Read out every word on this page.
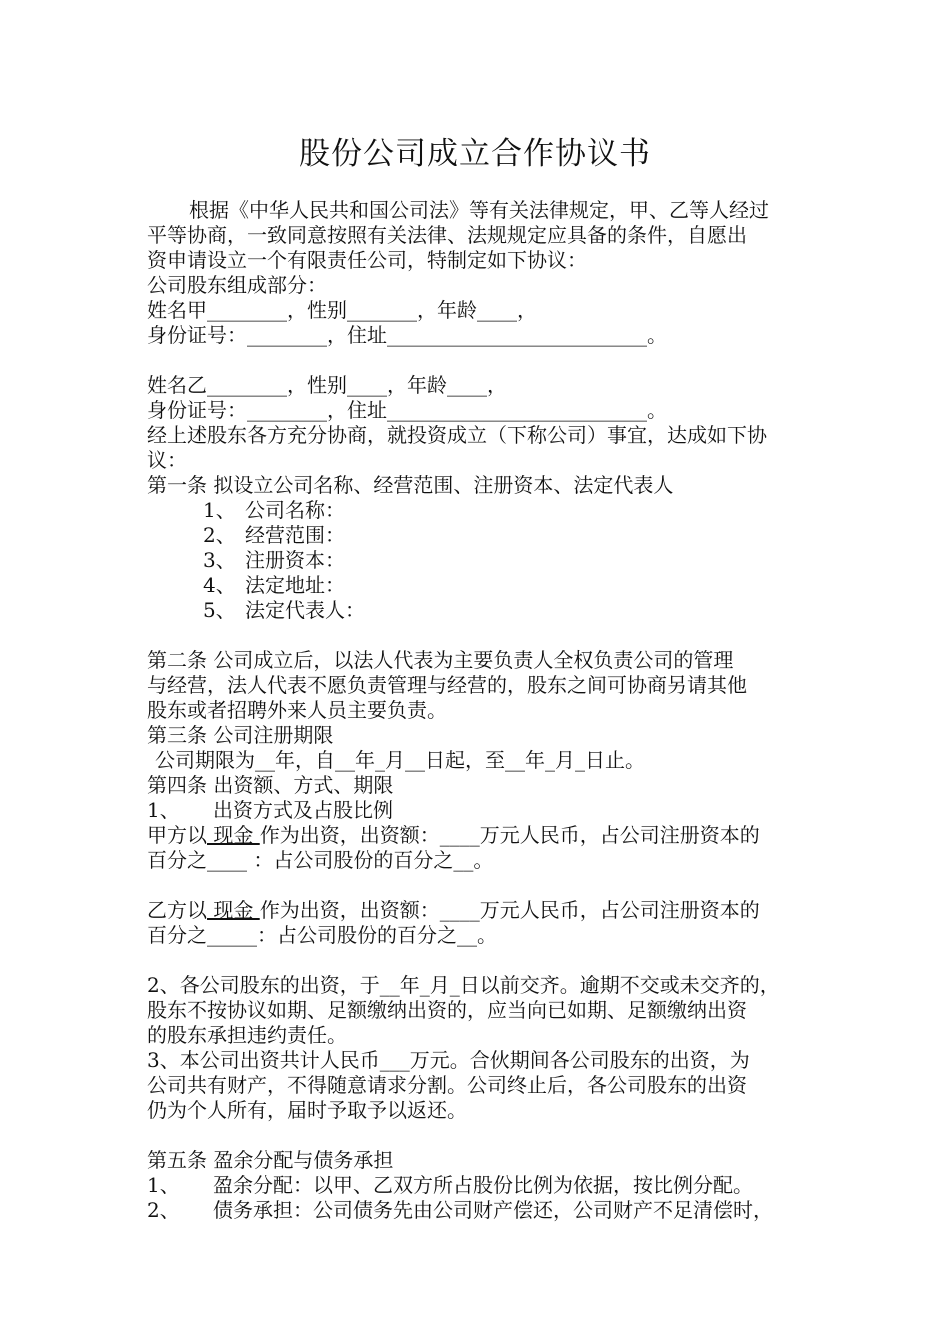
股份公司成立合作协议书

根据《中华人民共和国公司法》等有关法律规定，甲、乙等人经过

平等协商，一致同意按照有关法律、法规规定应具备的条件，自愿出

资申请设立一个有限责任公司，特制定如下协议：

公司股东组成部分：

姓名甲________，性别_______，年龄____，

身份证号：________，住址__________________________。

姓名乙________，性别____，年龄____，

身份证号：________，住址__________________________。

经上述股东各方充分协商，就投资成立（下称公司）事宜，达成如下协

议：

第一条 拟设立公司名称、经营范围、注册资本、法定代表人

1、 公司名称：

2、 经营范围：

3、 注册资本：

4、 法定地址：

5、 法定代表人：

第二条 公司成立后，以法人代表为主要负责人全权负责公司的管理

与经营，法人代表不愿负责管理与经营的，股东之间可协商另请其他

股东或者招聘外来人员主要负责。

第三条 公司注册期限

公司期限为__年，自__年_月__日起，至__年_月_日止。

第四条 出资额、方式、期限

1、 出资方式及占股比例

甲方以 现金 作为出资，出资额：____万元人民币，占公司注册资本的

百分之____ ：占公司股份的百分之__。

乙方以 现金 作为出资，出资额：____万元人民币，占公司注册资本的

百分之_____：占公司股份的百分之__。

2、各公司股东的出资，于__年_月_日以前交齐。逾期不交或未交齐的，

股东不按协议如期、足额缴纳出资的，应当向已如期、足额缴纳出资

的股东承担违约责任。

3、本公司出资共计人民币___万元。合伙期间各公司股东的出资，为

公司共有财产，不得随意请求分割。公司终止后，各公司股东的出资

仍为个人所有，届时予取予以返还。

第五条 盈余分配与债务承担

1、 盈余分配：以甲、乙双方所占股份比例为依据，按比例分配。

2、 债务承担：公司债务先由公司财产偿还，公司财产不足清偿时，
